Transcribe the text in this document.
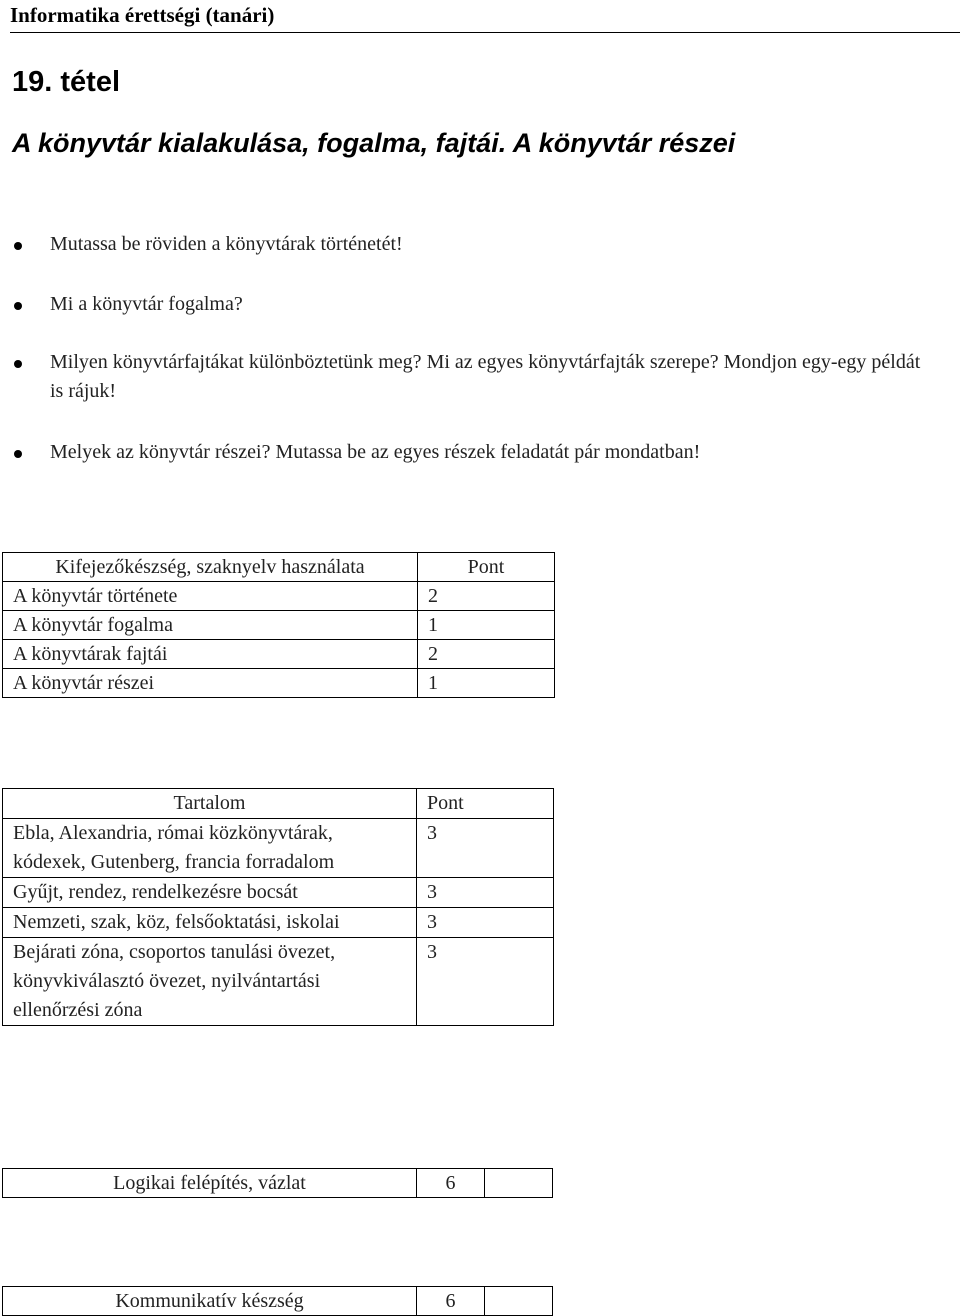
Informatika érettségi (tanári)
19. tétel
A könyvtár kialakulása, fogalma, fajtái. A könyvtár részei
Mutassa be röviden a könyvtárak történetét!
Mi a könyvtár fogalma?
Milyen könyvtárfajtákat különböztetünk meg? Mi az egyes könyvtárfajták szerepe? Mondjon egy-egy példát is rájuk!
Melyek az könyvtár részei? Mutassa be az egyes részek feladatát pár mondatban!
Kifejezőkészség, szaknyelv használata	Pont
A könyvtár története	2
A könyvtár fogalma	1
A könyvtárak fajtái	2
A könyvtár részei	1
Tartalom	Pont
Ebla, Alexandria, római közkönyvtárak, kódexek, Gutenberg, francia forradalom	3
Gyűjt, rendez, rendelkezésre bocsát	3
Nemzeti, szak, köz, felsőoktatási, iskolai	3
Bejárati zóna, csoportos tanulási övezet, könyvkiválasztó övezet, nyilvántartási ellenőrzési zóna	3
Logikai felépítés, vázlat	6	
Kommunikatív készség	6	
